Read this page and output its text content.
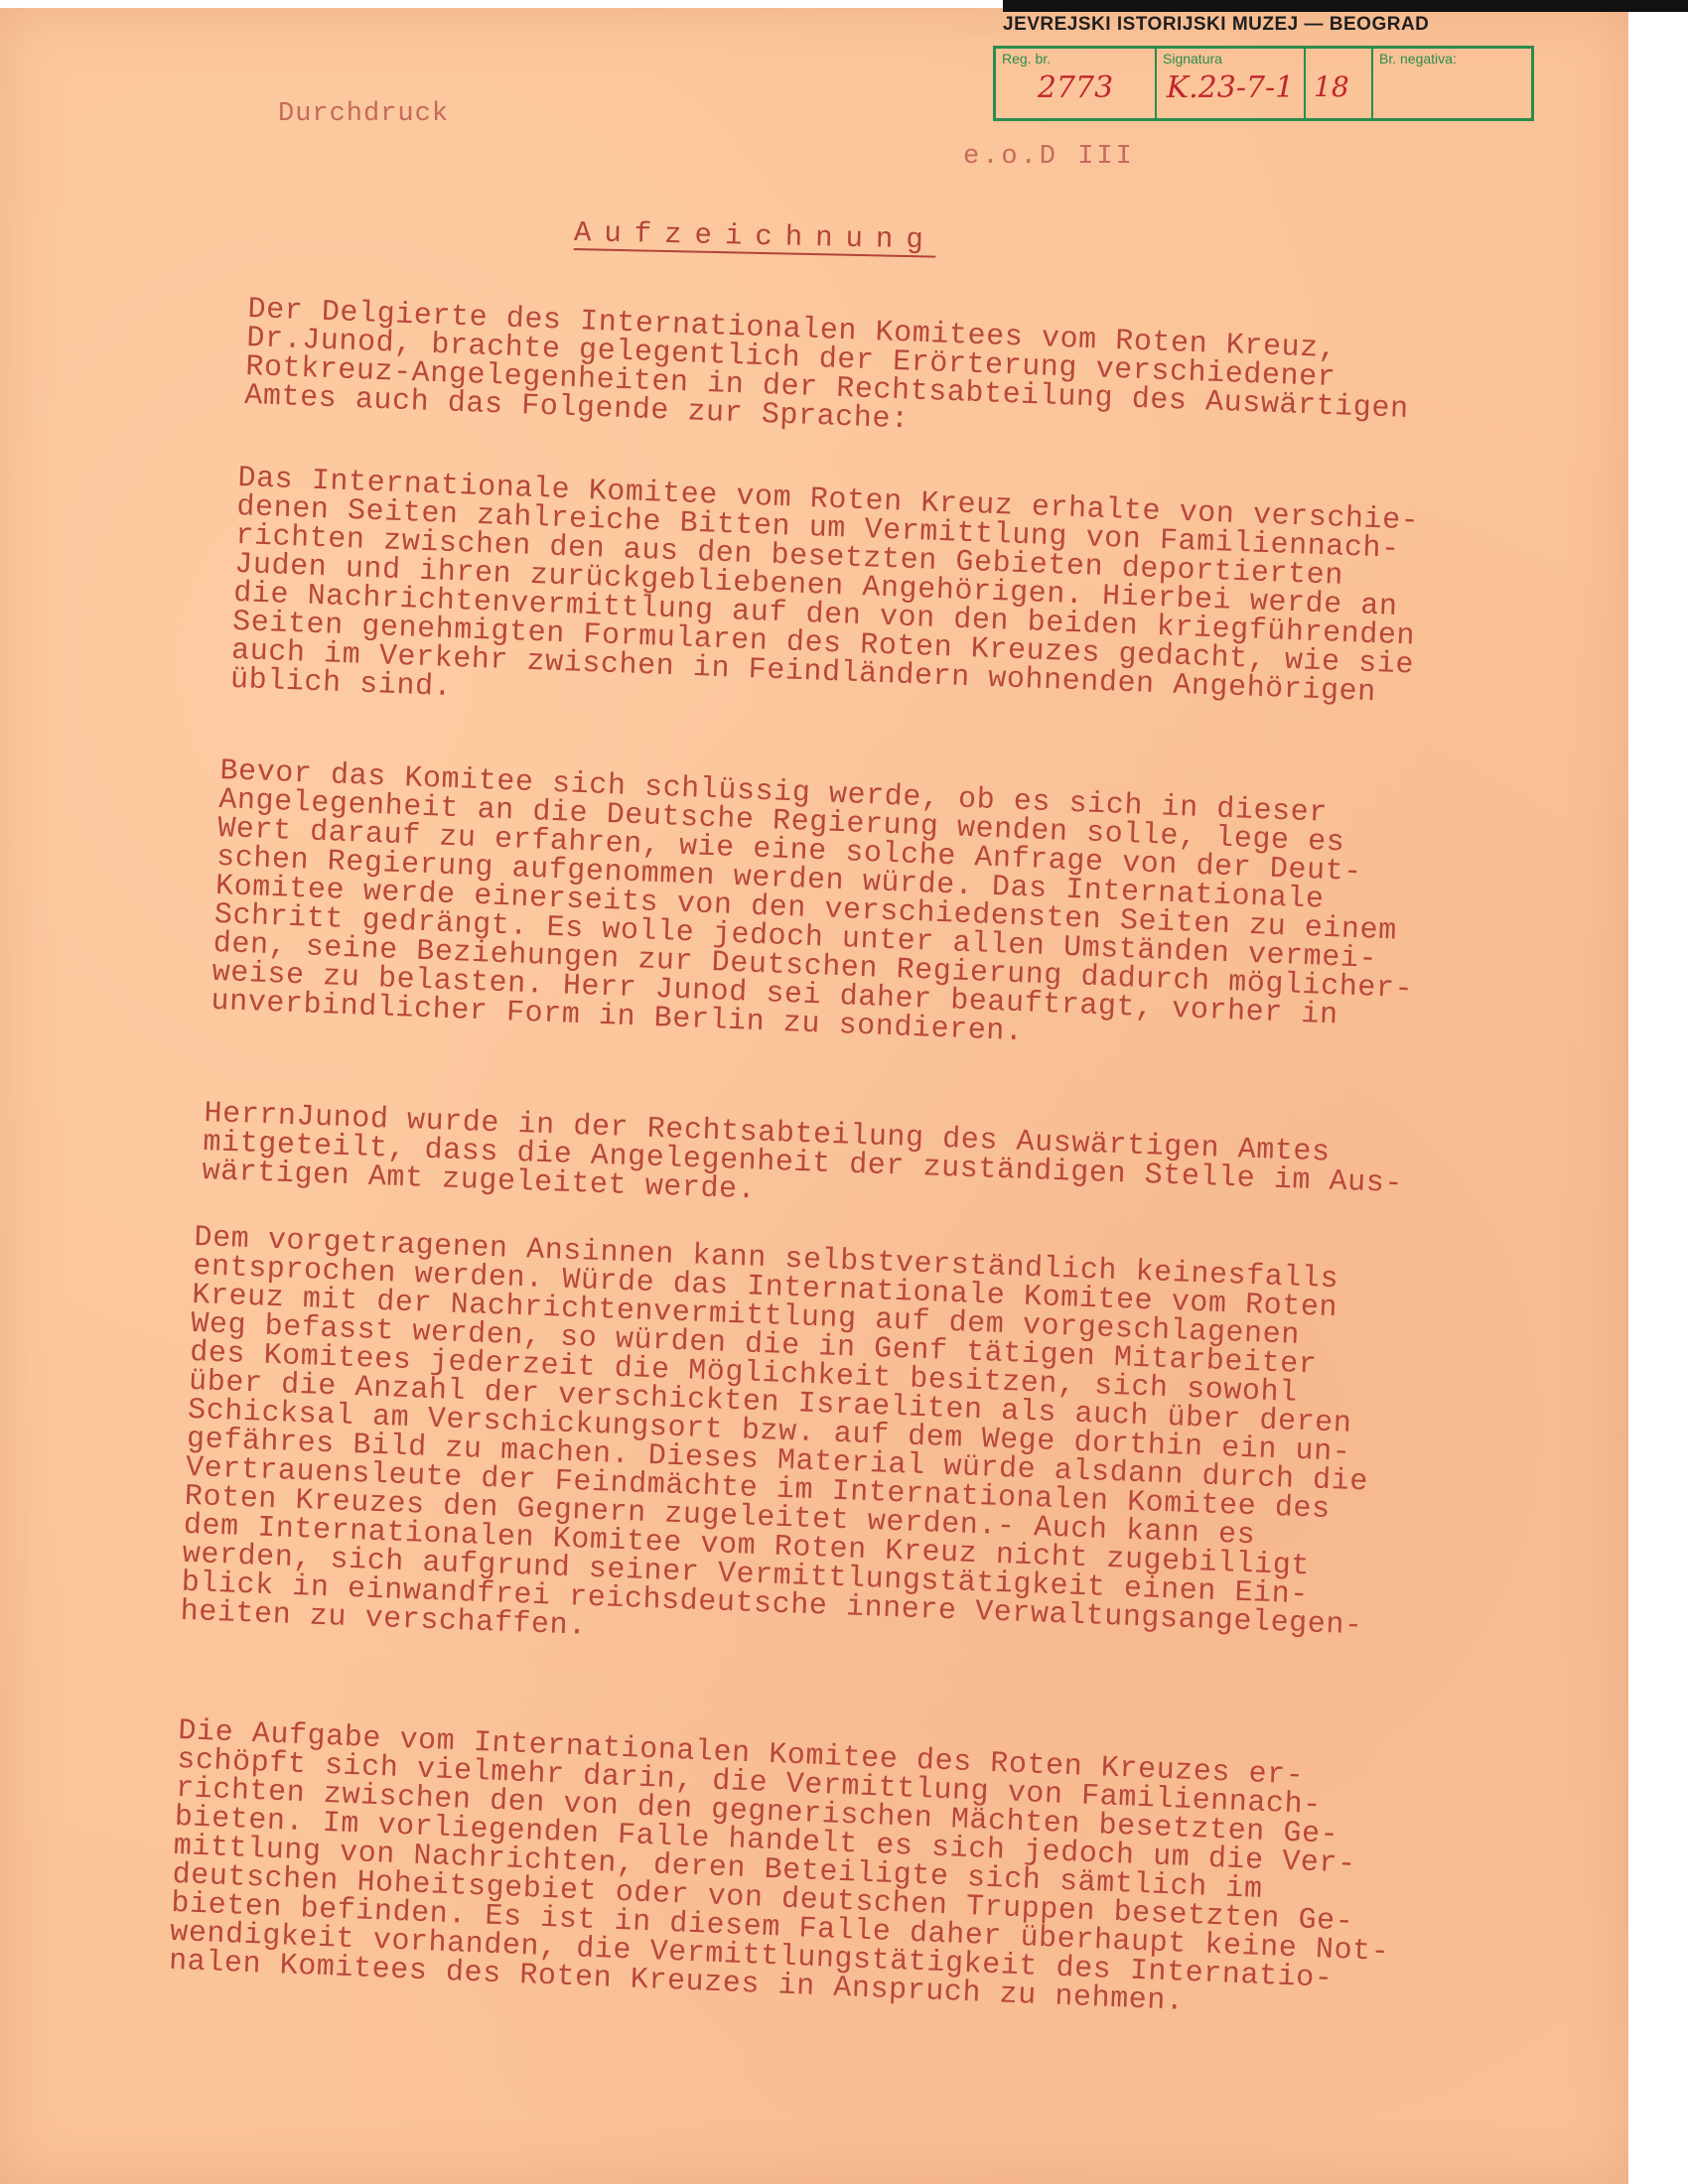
JEVREJSKI ISTORIJSKI MUZEJ — BEOGRAD
Reg. br.
2773
Signatura
K.23-7-1 18
Br. negativa:
Durchdruck
e.o.D III
Aufzeichnung
Der Delgierte des Internationalen Komitees vom Roten Kreuz,
Dr.Junod, brachte gelegentlich der Erörterung verschiedener
Rotkreuz-Angelegenheiten in der Rechtsabteilung des Auswärtigen
Amtes auch das Folgende zur Sprache:
Das Internationale Komitee vom Roten Kreuz erhalte von verschie-
denen Seiten zahlreiche Bitten um Vermittlung von Familiennach-
richten zwischen den aus den besetzten Gebieten deportierten
Juden und ihren zurückgebliebenen Angehörigen. Hierbei werde an
die Nachrichtenvermittlung auf den von den beiden kriegführenden
Seiten genehmigten Formularen des Roten Kreuzes gedacht, wie sie
auch im Verkehr zwischen in Feindländern wohnenden Angehörigen
üblich sind.
Bevor das Komitee sich schlüssig werde, ob es sich in dieser
Angelegenheit an die Deutsche Regierung wenden solle, lege es
Wert darauf zu erfahren, wie eine solche Anfrage von der Deut-
schen Regierung aufgenommen werden würde. Das Internationale
Komitee werde einerseits von den verschiedensten Seiten zu einem
Schritt gedrängt. Es wolle jedoch unter allen Umständen vermei-
den, seine Beziehungen zur Deutschen Regierung dadurch möglicher-
weise zu belasten. Herr Junod sei daher beauftragt, vorher in
unverbindlicher Form in Berlin zu sondieren.
HerrnJunod wurde in der Rechtsabteilung des Auswärtigen Amtes
mitgeteilt, dass die Angelegenheit der zuständigen Stelle im Aus-
wärtigen Amt zugeleitet werde.
Dem vorgetragenen Ansinnen kann selbstverständlich keinesfalls
entsprochen werden. Würde das Internationale Komitee vom Roten
Kreuz mit der Nachrichtenvermittlung auf dem vorgeschlagenen
Weg befasst werden, so würden die in Genf tätigen Mitarbeiter
des Komitees jederzeit die Möglichkeit besitzen, sich sowohl
über die Anzahl der verschickten Israeliten als auch über deren
Schicksal am Verschickungsort bzw. auf dem Wege dorthin ein un-
gefähres Bild zu machen. Dieses Material würde alsdann durch die
Vertrauensleute der Feindmächte im Internationalen Komitee des
Roten Kreuzes den Gegnern zugeleitet werden.- Auch kann es
dem Internationalen Komitee vom Roten Kreuz nicht zugebilligt
werden, sich aufgrund seiner Vermittlungstätigkeit einen Ein-
blick in einwandfrei reichsdeutsche innere Verwaltungsangelegen-
heiten zu verschaffen.
Die Aufgabe vom Internationalen Komitee des Roten Kreuzes er-
schöpft sich vielmehr darin, die Vermittlung von Familiennach-
richten zwischen den von den gegnerischen Mächten besetzten Ge-
bieten. Im vorliegenden Falle handelt es sich jedoch um die Ver-
mittlung von Nachrichten, deren Beteiligte sich sämtlich im
deutschen Hoheitsgebiet oder von deutschen Truppen besetzten Ge-
bieten befinden. Es ist in diesem Falle daher überhaupt keine Not-
wendigkeit vorhanden, die Vermittlungstätigkeit des Internatio-
nalen Komitees des Roten Kreuzes in Anspruch zu nehmen.
